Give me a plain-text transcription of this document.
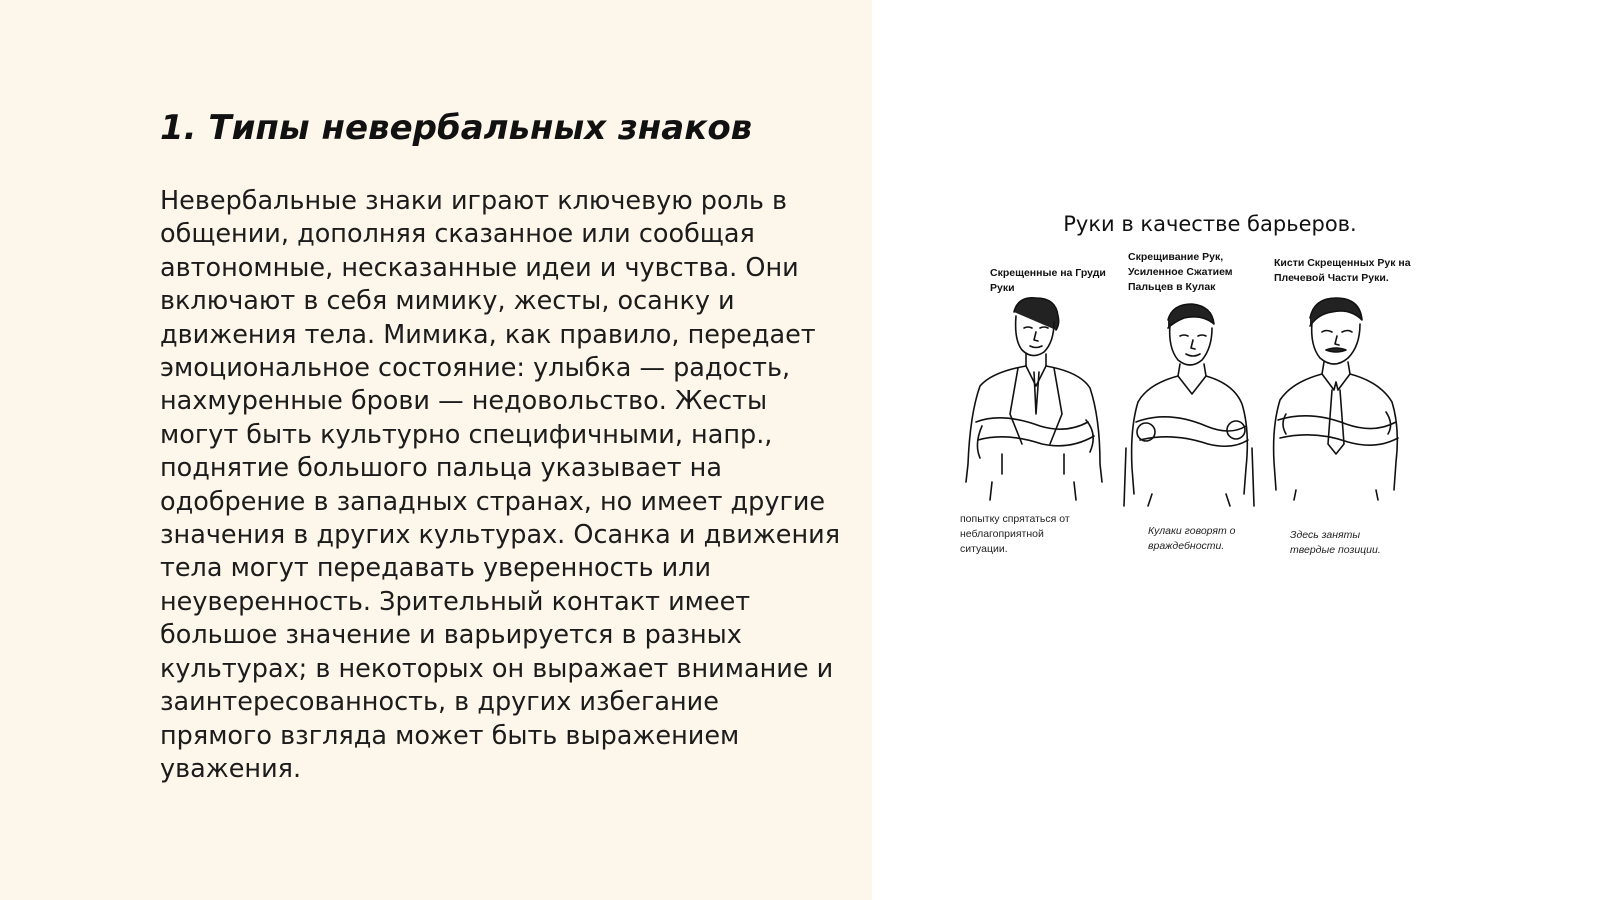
1. Типы невербальных знаков
Невербальные знаки играют ключевую роль в
общении, дополняя сказанное или сообщая
автономные, несказанные идеи и чувства. Они
включают в себя мимику, жесты, осанку и
движения тела. Мимика, как правило, передает
эмоциональное состояние: улыбка — радость,
нахмуренные брови — недовольство. Жесты
могут быть культурно специфичными, напр.,
поднятие большого пальца указывает на
одобрение в западных странах, но имеет другие
значения в других культурах. Осанка и движения
тела могут передавать уверенность или
неуверенность. Зрительный контакт имеет
большое значение и варьируется в разных
культурах; в некоторых он выражает внимание и
заинтересованность, в других избегание
прямого взгляда может быть выражением
уважения.
Руки в качестве барьеров.
Скрещенные на Груди
Руки
Скрещивание Рук,
Усиленное Сжатием
Пальцев в Кулак
Кисти Скрещенных Рук на
Плечевой Части Руки.
попытку спрятаться от
неблагоприятной
ситуации.
Кулаки говорят о
враждебности.
Здесь заняты
твердые позиции.
